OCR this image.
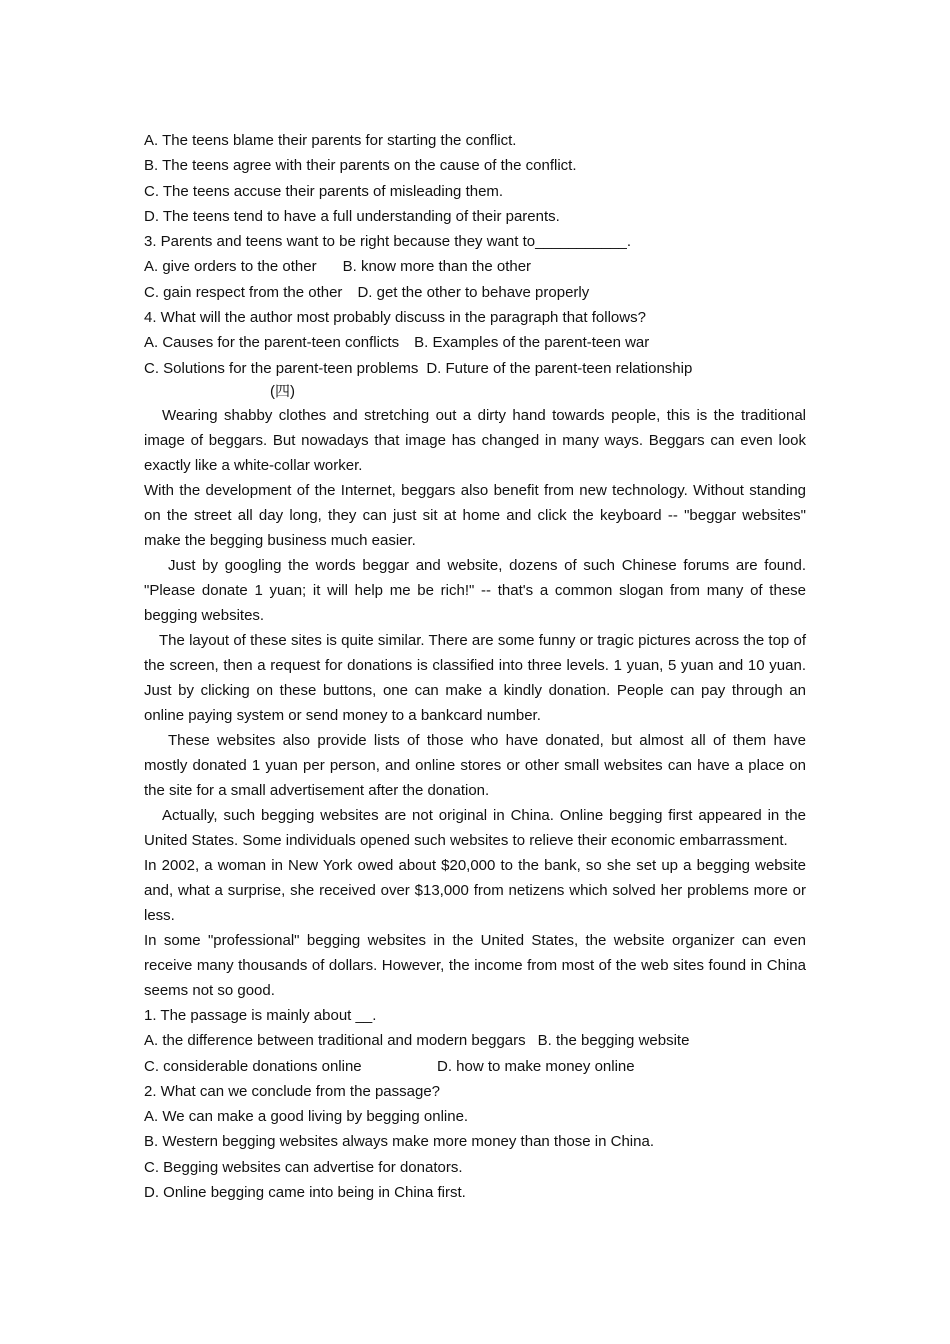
A. The teens blame their parents for starting the conflict.
B. The teens agree with their parents on the cause of the conflict.
C. The teens accuse their parents of misleading them.
D. The teens tend to have a full understanding of their parents.
3. Parents and teens want to be right because they want to___________.
A. give orders to the other B. know more than the other
C. gain respect from the other D. get the other to behave properly
4. What will the author most probably discuss in the paragraph that follows?
A. Causes for the parent-teen conflicts B. Examples of the parent-teen war
C. Solutions for the parent-teen problems D. Future of the parent-teen relationship
(四)
Wearing shabby clothes and stretching out a dirty hand towards people, this is the traditional image of beggars. But nowadays that image has changed in many ways. Beggars can even look exactly like a white-collar worker.
With the development of the Internet, beggars also benefit from new technology. Without standing on the street all day long, they can just sit at home and click the keyboard -- "beggar websites" make the begging business much easier.
Just by googling the words beggar and website, dozens of such Chinese forums are found. "Please donate 1 yuan; it will help me be rich!" -- that's a common slogan from many of these begging websites.
The layout of these sites is quite similar. There are some funny or tragic pictures across the top of the screen, then a request for donations is classified into three levels. 1 yuan, 5 yuan and 10 yuan. Just by clicking on these buttons, one can make a kindly donation. People can pay through an online paying system or send money to a bankcard number.
These websites also provide lists of those who have donated, but almost all of them have mostly donated 1 yuan per person, and online stores or other small websites can have a place on the site for a small advertisement after the donation.
Actually, such begging websites are not original in China. Online begging first appeared in the United States. Some individuals opened such websites to relieve their economic embarrassment.
In 2002, a woman in New York owed about $20,000 to the bank, so she set up a begging website and, what a surprise, she received over $13,000 from netizens which solved her problems more or less.
In some "professional" begging websites in the United States, the website organizer can even receive many thousands of dollars. However, the income from most of the web sites found in China seems not so good.
1. The passage is mainly about __.
A. the difference between traditional and modern beggars B. the begging website
C. considerable donations online	D. how to make money online
2. What can we conclude from the passage?
A. We can make a good living by begging online.
B. Western begging websites always make more money than those in China.
C. Begging websites can advertise for donators.
D. Online begging came into being in China first.
